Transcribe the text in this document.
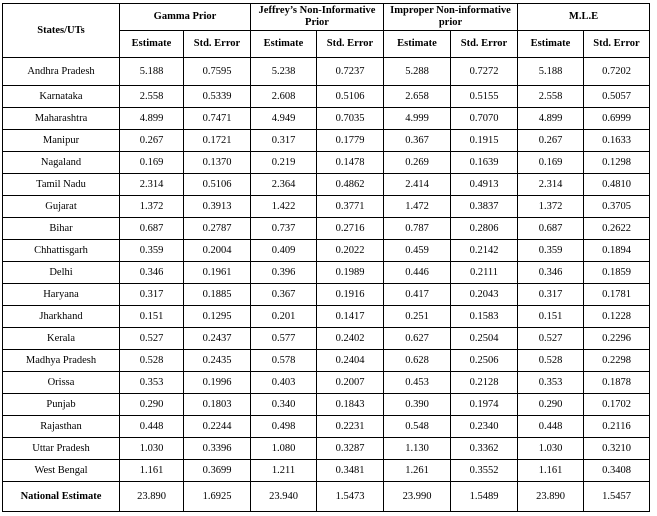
States/UTs	Gamma Prior		Jeffrey’s Non-Informative Prior		Improper Non-informative prior		M.L.E	
	Estimate	Std. Error	Estimate	Std. Error	Estimate	Std. Error	Estimate	Std. Error
Andhra Pradesh	5.188	0.7595	5.238	0.7237	5.288	0.7272	5.188	0.7202
Karnataka	2.558	0.5339	2.608	0.5106	2.658	0.5155	2.558	0.5057
Maharashtra	4.899	0.7471	4.949	0.7035	4.999	0.7070	4.899	0.6999
Manipur	0.267	0.1721	0.317	0.1779	0.367	0.1915	0.267	0.1633
Nagaland	0.169	0.1370	0.219	0.1478	0.269	0.1639	0.169	0.1298
Tamil Nadu	2.314	0.5106	2.364	0.4862	2.414	0.4913	2.314	0.4810
Gujarat	1.372	0.3913	1.422	0.3771	1.472	0.3837	1.372	0.3705
Bihar	0.687	0.2787	0.737	0.2716	0.787	0.2806	0.687	0.2622
Chhattisgarh	0.359	0.2004	0.409	0.2022	0.459	0.2142	0.359	0.1894
Delhi	0.346	0.1961	0.396	0.1989	0.446	0.2111	0.346	0.1859
Haryana	0.317	0.1885	0.367	0.1916	0.417	0.2043	0.317	0.1781
Jharkhand	0.151	0.1295	0.201	0.1417	0.251	0.1583	0.151	0.1228
Kerala	0.527	0.2437	0.577	0.2402	0.627	0.2504	0.527	0.2296
Madhya Pradesh	0.528	0.2435	0.578	0.2404	0.628	0.2506	0.528	0.2298
Orissa	0.353	0.1996	0.403	0.2007	0.453	0.2128	0.353	0.1878
Punjab	0.290	0.1803	0.340	0.1843	0.390	0.1974	0.290	0.1702
Rajasthan	0.448	0.2244	0.498	0.2231	0.548	0.2340	0.448	0.2116
Uttar Pradesh	1.030	0.3396	1.080	0.3287	1.130	0.3362	1.030	0.3210
West Bengal	1.161	0.3699	1.211	0.3481	1.261	0.3552	1.161	0.3408
National Estimate	23.890	1.6925	23.940	1.5473	23.990	1.5489	23.890	1.5457
